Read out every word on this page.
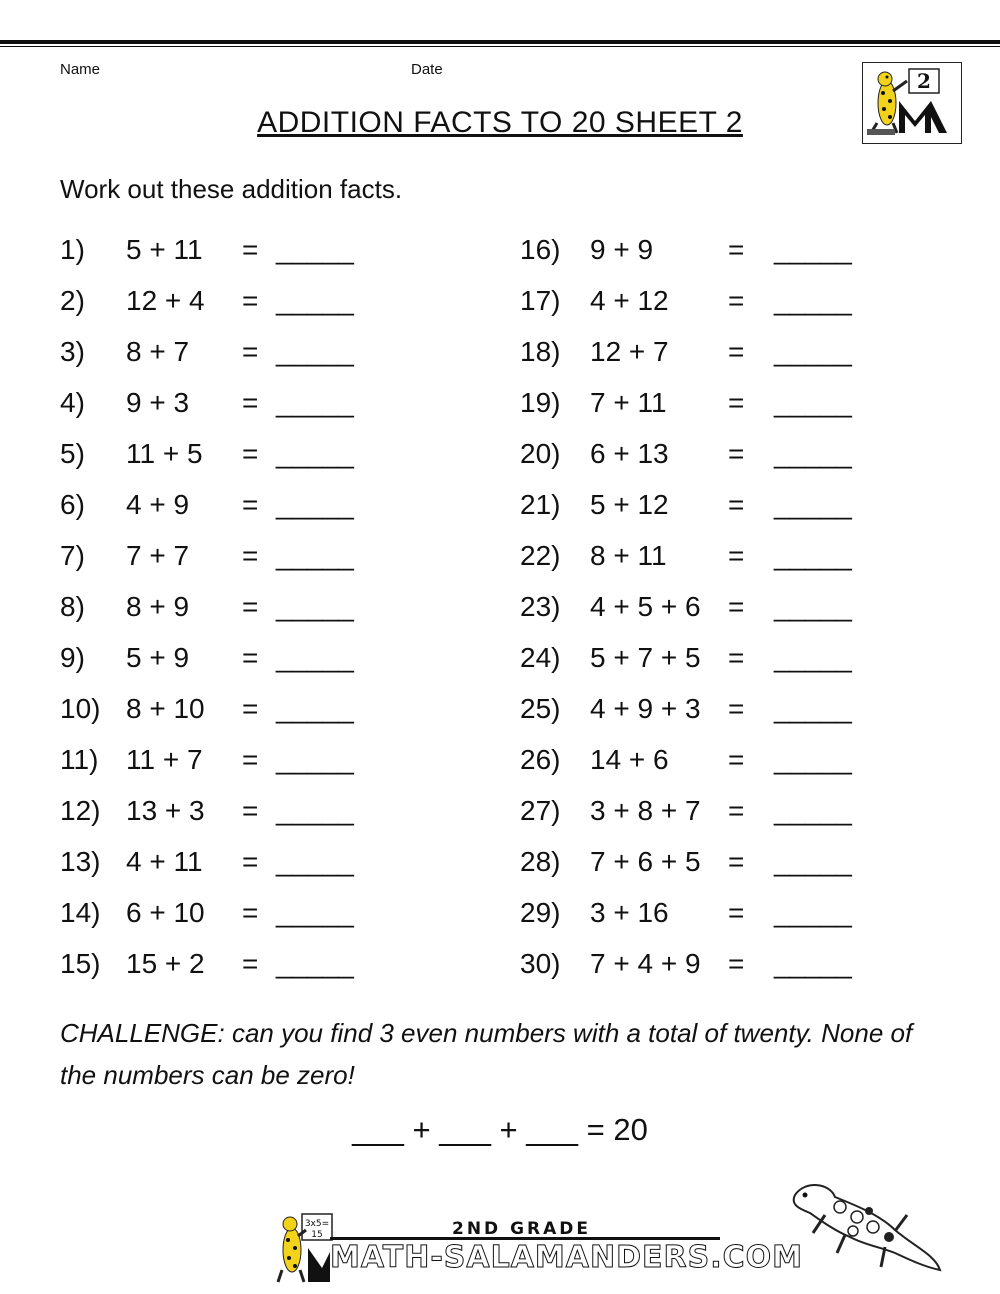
Name	Date	2
ADDITION FACTS TO 20 SHEET 2
Work out these addition facts.
1) 5 + 11 = _____
2) 12 + 4 = _____
3) 8 + 7 = _____
4) 9 + 3 = _____
5) 11 + 5 = _____
6) 4 + 9 = _____
7) 7 + 7 = _____
8) 8 + 9 = _____
9) 5 + 9 = _____
10) 8 + 10 = _____
11) 11 + 7 = _____
12) 13 + 3 = _____
13) 4 + 11 = _____
14) 6 + 10 = _____
15) 15 + 2 = _____
16) 9 + 9	= _____
17) 4 + 12 = _____
18) 12 + 7 = _____
19) 7 + 11 = _____
20) 6 + 13 = _____
21) 5 + 12 = _____
22) 8 + 11 = _____
23) 4 + 5 + 6 = _____
24) 5 + 7 + 5 = _____
25) 4 + 9 + 3 = _____
26) 14 + 6 = _____
27) 3 + 8 + 7 = _____
28) 7 + 6 + 5 = _____
29) 3 + 16 = _____
30) 7 + 4 + 9 = _____
CHALLENGE: can you find 3 even numbers with a total of twenty. None of the numbers can be zero!
___ + ___ + ___ = 20
3x5=
15	2ND GRADE
MATH-SALAMANDERS.COM
